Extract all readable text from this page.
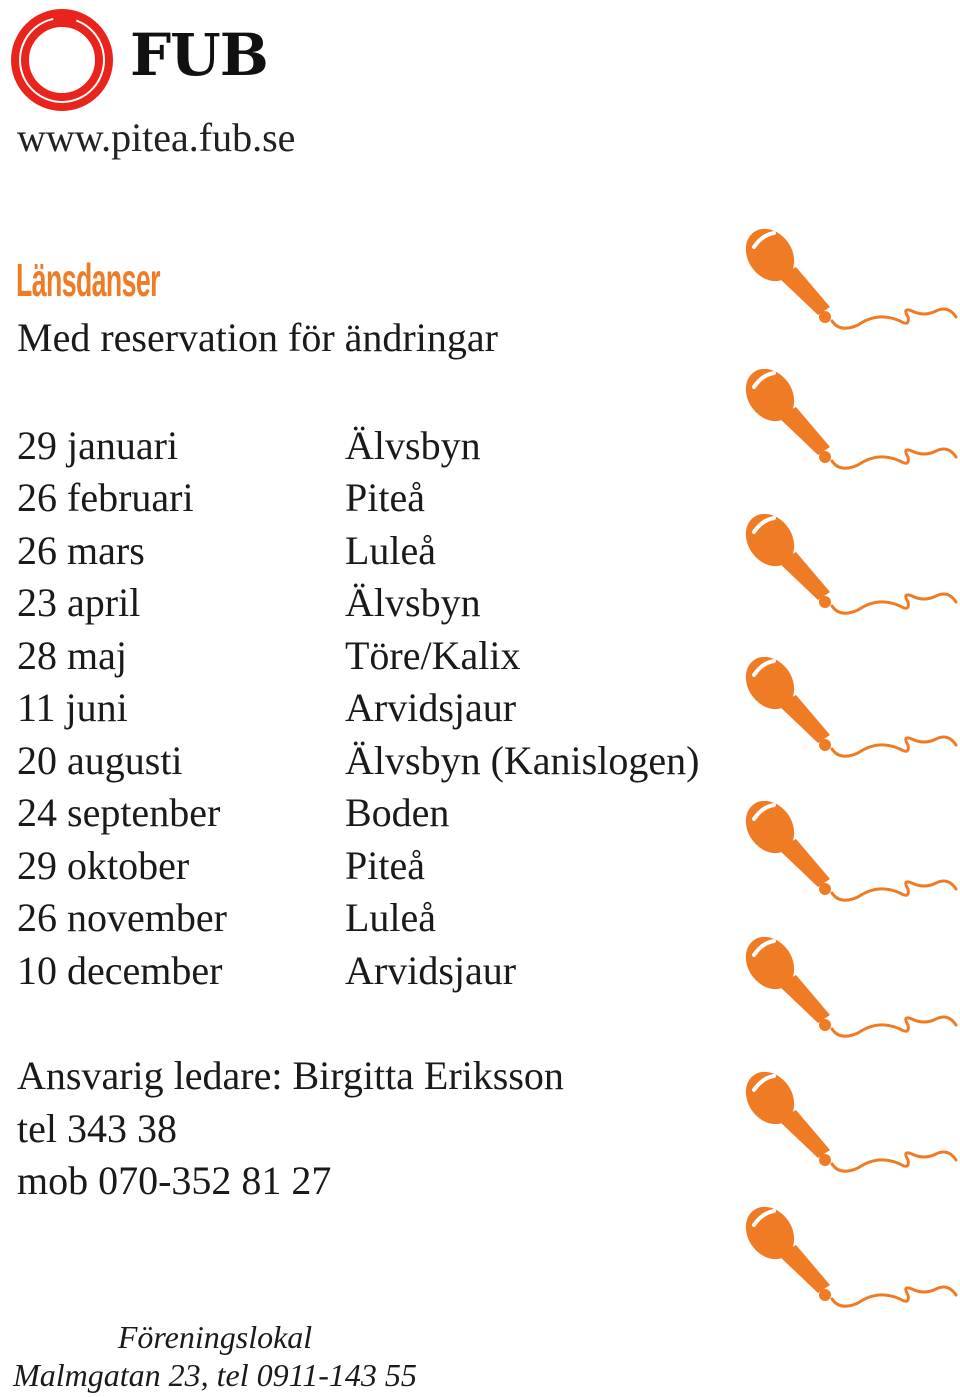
FUB
www.pitea.fub.se
Länsdanser
Med reservation för ändringar
29 januari	Älvsbyn
26 februari	Piteå
26 mars	Luleå
23 april	Älvsbyn
28 maj	Töre/Kalix
11 juni	Arvidsjaur
20 augusti	Älvsbyn (Kanislogen)
24 septenber	Boden
29 oktober	Piteå
26 november	Luleå
10 december	Arvidsjaur
Ansvarig ledare: Birgitta Eriksson
tel 343 38
mob 070-352 81 27
Föreningslokal
Malmgatan 23, tel 0911-143 55
